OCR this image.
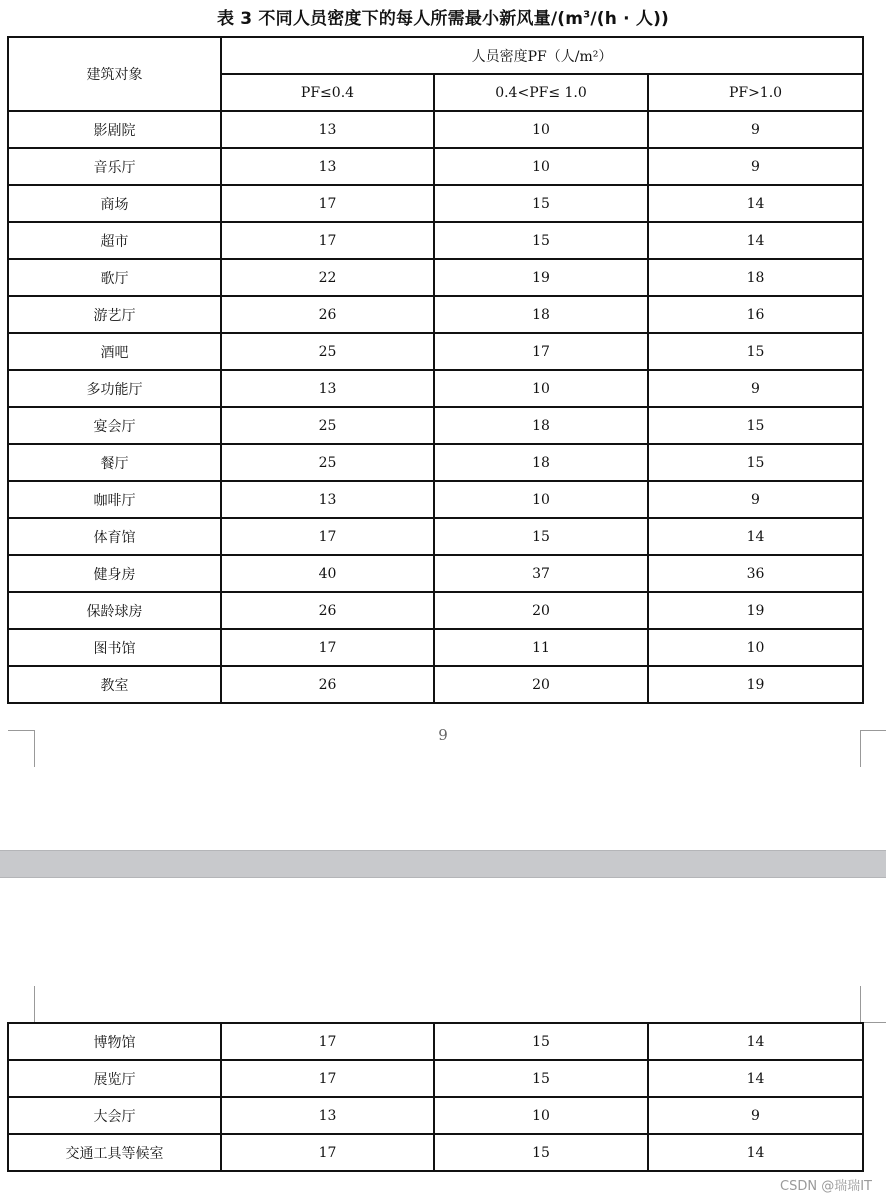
表 3 不同人员密度下的每人所需最小新风量$/(m^3/(h$ · 人))
建筑对象	人员密度PF（人/m²）		
	PF≤0.4	0.4<PF≤ 1.0	PF>1.0
影剧院	13	10	9
音乐厅	13	10	9
商场	17	15	14
超市	17	15	14
歌厅	22	19	18
游艺厅	26	18	16
酒吧	25	17	15
多功能厅	13	10	9
宴会厅	25	18	15
餐厅	25	18	15
咖啡厅	13	10	9
体育馆	17	15	14
健身房	40	37	36
保龄球房	26	20	19
图书馆	17	11	10
教室	26	20	19
9
博物馆	17	15	14
展览厅	17	15	14
大会厅	13	10	9
交通工具等候室	17	15	14
CSDN @瑞瑞IT
